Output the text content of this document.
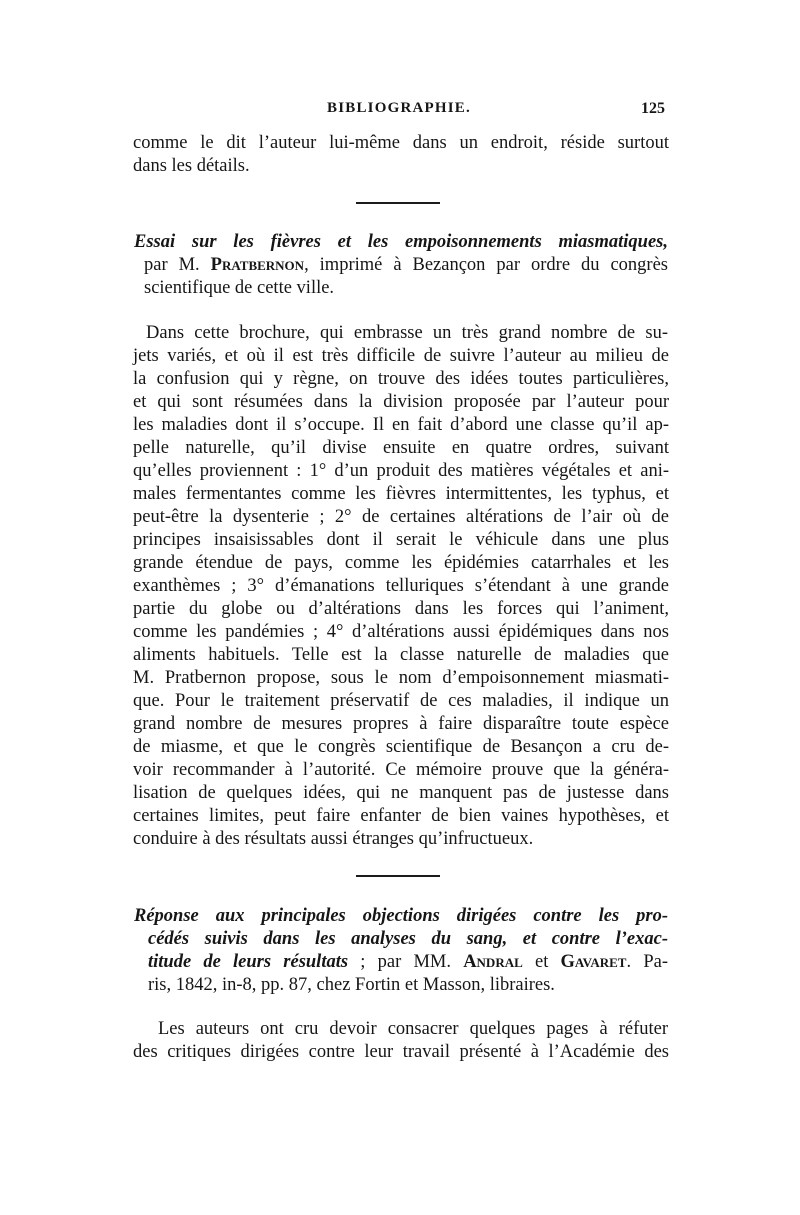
BIBLIOGRAPHIE.	125
comme le dit l’auteur lui-même dans un endroit, réside surtout
dans les détails.
Essai sur les fièvres et les empoisonnements miasmatiques,
par M. Pratbernon, imprimé à Bezançon par ordre du congrès
scientifique de cette ville.
Dans cette brochure, qui embrasse un très grand nombre de su-
jets variés, et où il est très difficile de suivre l’auteur au milieu de
la confusion qui y règne, on trouve des idées toutes particulières,
et qui sont résumées dans la division proposée par l’auteur pour
les maladies dont il s’occupe. Il en fait d’abord une classe qu’il ap-
pelle naturelle, qu’il divise ensuite en quatre ordres, suivant
qu’elles proviennent : 1° d’un produit des matières végétales et ani-
males fermentantes comme les fièvres intermittentes, les typhus, et
peut-être la dysenterie ; 2° de certaines altérations de l’air où de
principes insaisissables dont il serait le véhicule dans une plus
grande étendue de pays, comme les épidémies catarrhales et les
exanthèmes ; 3° d’émanations telluriques s’étendant à une grande
partie du globe ou d’altérations dans les forces qui l’animent,
comme les pandémies ; 4° d’altérations aussi épidémiques dans nos
aliments habituels. Telle est la classe naturelle de maladies que
M. Pratbernon propose, sous le nom d’empoisonnement miasmati-
que. Pour le traitement préservatif de ces maladies, il indique un
grand nombre de mesures propres à faire disparaître toute espèce
de miasme, et que le congrès scientifique de Besançon a cru de-
voir recommander à l’autorité. Ce mémoire prouve que la généra-
lisation de quelques idées, qui ne manquent pas de justesse dans
certaines limites, peut faire enfanter de bien vaines hypothèses, et
conduire à des résultats aussi étranges qu’infructueux.
Réponse aux principales objections dirigées contre les pro-
cédés suivis dans les analyses du sang, et contre l’exac-
titude de leurs résultats ; par MM. Andral et Gavaret. Pa-
ris, 1842, in-8, pp. 87, chez Fortin et Masson, libraires.
Les auteurs ont cru devoir consacrer quelques pages à réfuter
des critiques dirigées contre leur travail présenté à l’Académie des
